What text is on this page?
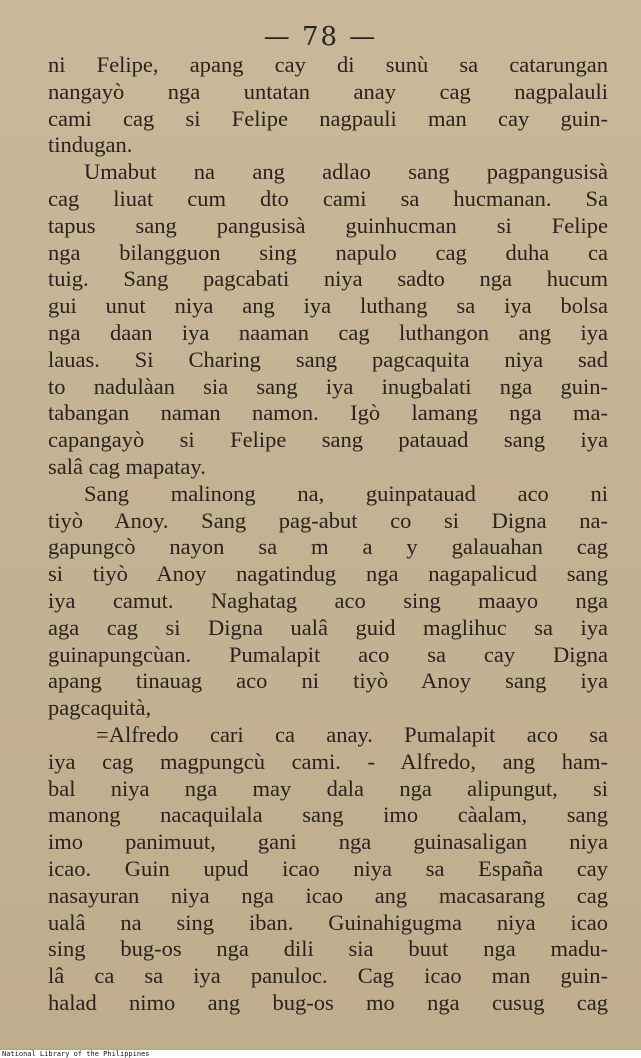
— 78 —
ni Felipe, apang cay di sunù sa catarungan
nangayò nga untatan anay cag nagpalauli
cami cag si Felipe nagpauli man cay guin-
tindugan.
Umabut na ang adlao sang pagpangusisà
cag liuat cum dto cami sa hucmanan. Sa
tapus sang pangusisà guinhucman si Felipe
nga bilangguon sing napulo cag duha ca
tuig. Sang pagcabati niya sadto nga hucum
gui unut niya ang iya luthang sa iya bolsa
nga daan iya naaman cag luthangon ang iya
lauas. Si Charing sang pagcaquita niya sad
to nadulàan sia sang iya inugbalati nga guin-
tabangan naman namon. Igò lamang nga ma-
capangayò si Felipe sang patauad sang iya
salâ cag mapatay.
Sang malinong na, guinpatauad aco ni
tiyò Anoy. Sang pag-abut co si Digna na-
gapungcò nayon sa m a y galauahan cag
si tiyò Anoy nagatindug nga nagapalicud sang
iya camut. Naghatag aco sing maayo nga
aga cag si Digna ualâ guid maglihuc sa iya
guinapungcùan. Pumalapit aco sa cay Digna
apang tinauag aco ni tiyò Anoy sang iya
pagcaquità,
=Alfredo cari ca anay. Pumalapit aco sa
iya cag magpungcù cami. - Alfredo, ang ham-
bal niya nga may dala nga alipungut, si
manong nacaquilala sang imo càalam, sang
imo panimuut, gani nga guinasaligan niya
icao. Guin upud icao niya sa España cay
nasayuran niya nga icao ang macasarang cag
ualâ na sing iban. Guinahigugma niya icao
sing bug-os nga dili sia buut nga madu-
lâ ca sa iya panuloc. Cag icao man guin-
halad nimo ang bug-os mo nga cusug cag
National Library of the Philippines
